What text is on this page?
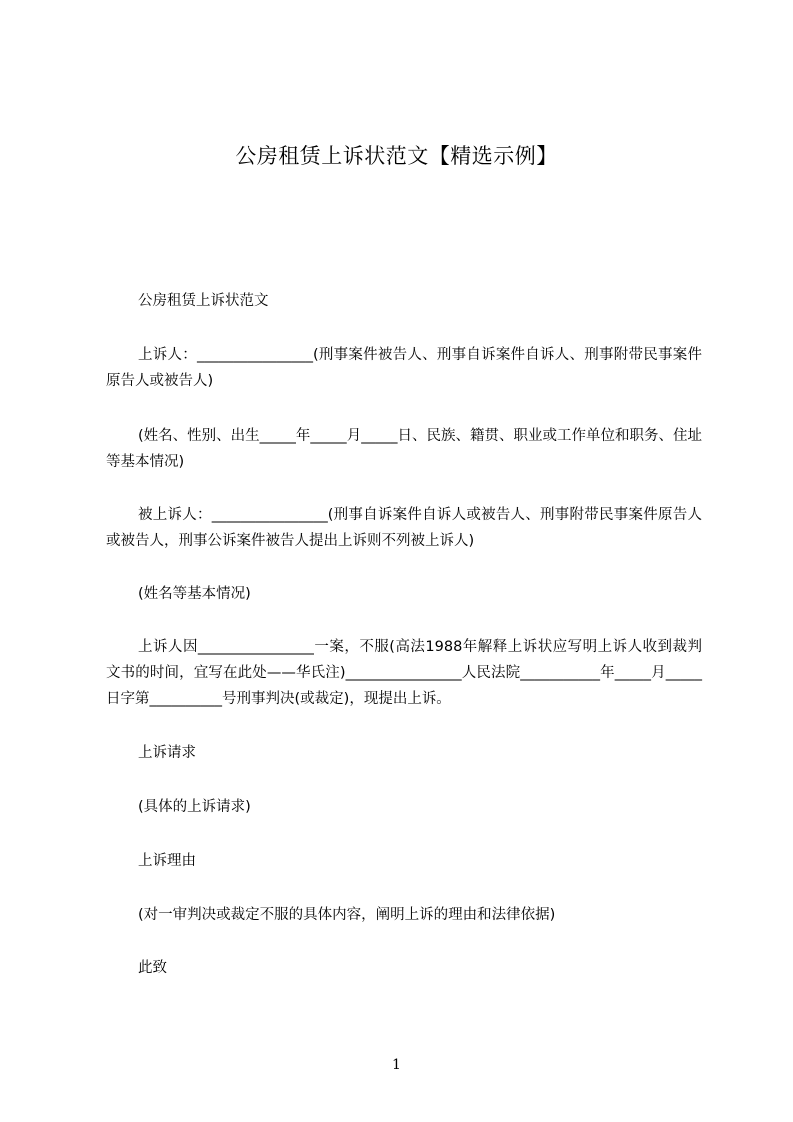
公房租赁上诉状范文【精选示例】

公房租赁上诉状范文

上诉人：________________(刑事案件被告人、刑事自诉案件自诉人、刑事附带民事案件原告人或被告人)

(姓名、性别、出生_____年_____月_____日、民族、籍贯、职业或工作单位和职务、住址等基本情况)

被上诉人：________________(刑事自诉案件自诉人或被告人、刑事附带民事案件原告人或被告人，刑事公诉案件被告人提出上诉则不列被上诉人)

(姓名等基本情况)

上诉人因________________一案，不服(高法1988年解释上诉状应写明上诉人收到裁判文书的时间，宜写在此处——华氏注)________________人民法院___________年_____月_____日字第__________号刑事判决(或裁定)，现提出上诉。

上诉请求

(具体的上诉请求)

上诉理由

(对一审判决或裁定不服的具体内容，阐明上诉的理由和法律依据)

此致

1
